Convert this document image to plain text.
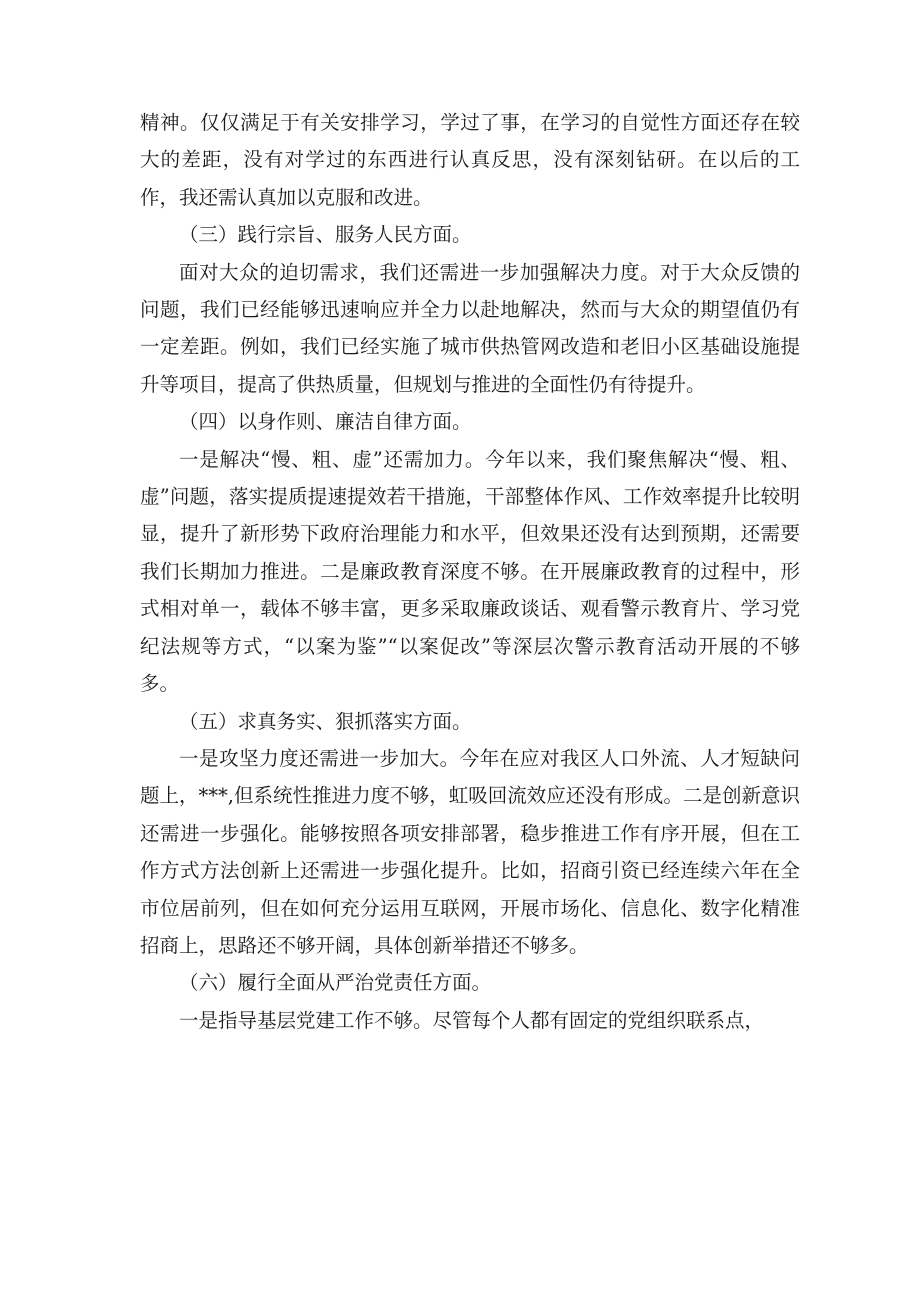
精神。仅仅满足于有关安排学习，学过了事，在学习的自觉性方面还存在较大的差距，没有对学过的东西进行认真反思，没有深刻钻研。在以后的工作，我还需认真加以克服和改进。

（三）践行宗旨、服务人民方面。

面对大众的迫切需求，我们还需进一步加强解决力度。对于大众反馈的问题，我们已经能够迅速响应并全力以赴地解决，然而与大众的期望值仍有一定差距。例如，我们已经实施了城市供热管网改造和老旧小区基础设施提升等项目，提高了供热质量，但规划与推进的全面性仍有待提升。

（四）以身作则、廉洁自律方面。

一是解决“慢、粗、虚”还需加力。今年以来，我们聚焦解决“慢、粗、虚”问题，落实提质提速提效若干措施，干部整体作风、工作效率提升比较明显，提升了新形势下政府治理能力和水平，但效果还没有达到预期，还需要我们长期加力推进。二是廉政教育深度不够。在开展廉政教育的过程中，形式相对单一，载体不够丰富，更多采取廉政谈话、观看警示教育片、学习党纪法规等方式，“以案为鉴”“以案促改”等深层次警示教育活动开展的不够多。

（五）求真务实、狠抓落实方面。

一是攻坚力度还需进一步加大。今年在应对我区人口外流、人才短缺问题上，***,但系统性推进力度不够，虹吸回流效应还没有形成。二是创新意识还需进一步强化。能够按照各项安排部署，稳步推进工作有序开展，但在工作方式方法创新上还需进一步强化提升。比如，招商引资已经连续六年在全市位居前列，但在如何充分运用互联网，开展市场化、信息化、数字化精准招商上，思路还不够开阔，具体创新举措还不够多。

（六）履行全面从严治党责任方面。

一是指导基层党建工作不够。尽管每个人都有固定的党组织联系点，
